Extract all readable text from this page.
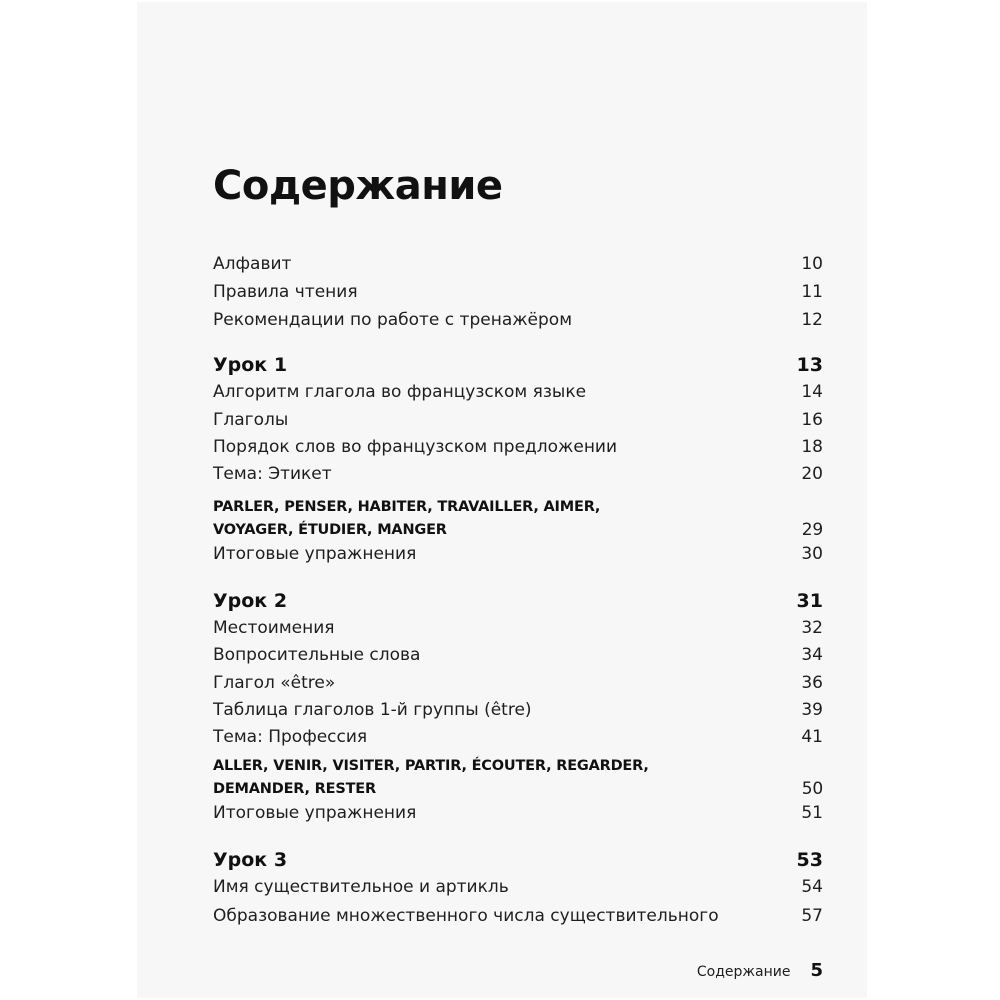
Содержание
Алфавит	10
Правила чтения	11
Рекомендации по работе с тренажёром	12
Урок 1	13
Алгоритм глагола во французском языке	14
Глаголы	16
Порядок слов во французском предложении	18
Тема: Этикет	20
PARLER, PENSER, HABITER, TRAVAILLER, AIMER,
VOYAGER, ÉTUDIER, MANGER	29
Итоговые упражнения	30
Урок 2	31
Местоимения	32
Вопросительные слова	34
Глагол «être»	36
Таблица глаголов 1-й группы (être)	39
Тема: Профессия	41
ALLER, VENIR, VISITER, PARTIR, ÉCOUTER, REGARDER,
DEMANDER, RESTER	50
Итоговые упражнения	51
Урок 3	53
Имя существительное и артикль	54
Образование множественного числа существительного	57
Содержание 5
